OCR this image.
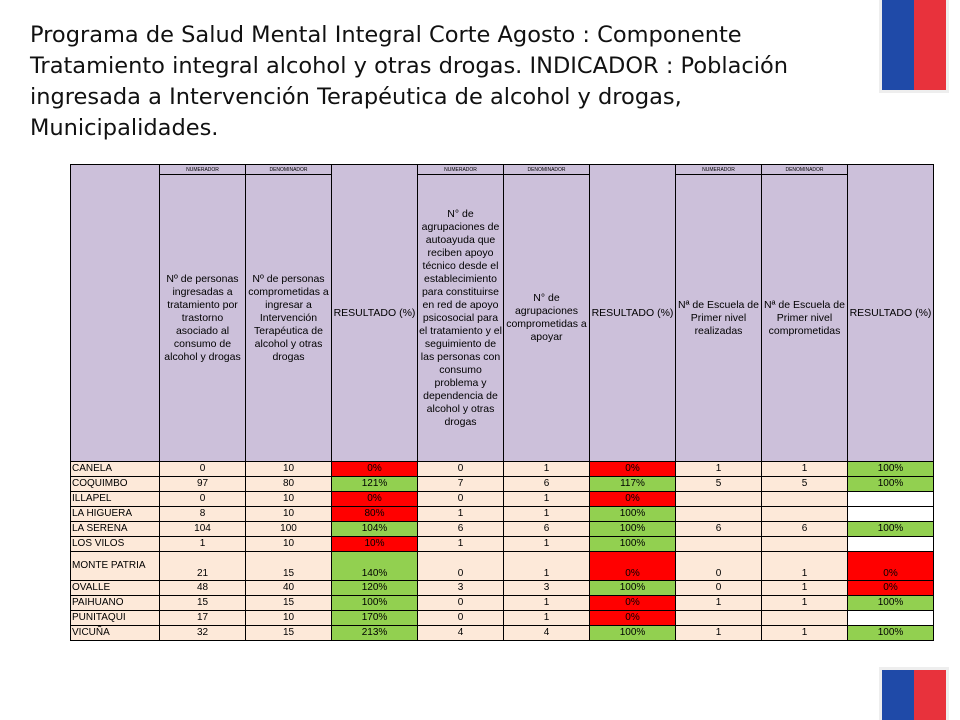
Programa de Salud Mental Integral Corte Agosto : Componente Tratamiento integral alcohol y otras drogas. INDICADOR : Población ingresada a Intervención Terapéutica de alcohol y drogas, Municipalidades.
	NUMERADOR	DENOMINADOR	RESULTADO (%)	NUMERADOR	DENOMINADOR	RESULTADO (%)	NUMERADOR	DENOMINADOR	RESULTADO (%)
	Nº de personas ingresadas a tratamiento por trastorno asociado al consumo de alcohol y drogas	Nº de personas comprometidas a ingresar a Intervención Terapéutica de alcohol y otras drogas		N° de agrupaciones de autoayuda que reciben apoyo técnico desde el establecimiento para constituirse en red de apoyo psicosocial para el tratamiento y el seguimiento de las personas con consumo problema y dependencia de alcohol y otras drogas	N° de agrupaciones comprometidas a apoyar		Nª de Escuela de Primer nivel realizadas	Nª de Escuela de Primer nivel comprometidas	
CANELA	0	10	0%	0	1	0%	1	1	100%
COQUIMBO	97	80	121%	7	6	117%	5	5	100%
ILLAPEL	0	10	0%	0	1	0%			
LA HIGUERA	8	10	80%	1	1	100%			
LA SERENA	104	100	104%	6	6	100%	6	6	100%
LOS VILOS	1	10	10%	1	1	100%			
MONTE PATRIA	21	15	140%	0	1	0%	0	1	0%
OVALLE	48	40	120%	3	3	100%	0	1	0%
PAIHUANO	15	15	100%	0	1	0%	1	1	100%
PUNITAQUI	17	10	170%	0	1	0%			
VICUÑA	32	15	213%	4	4	100%	1	1	100%
